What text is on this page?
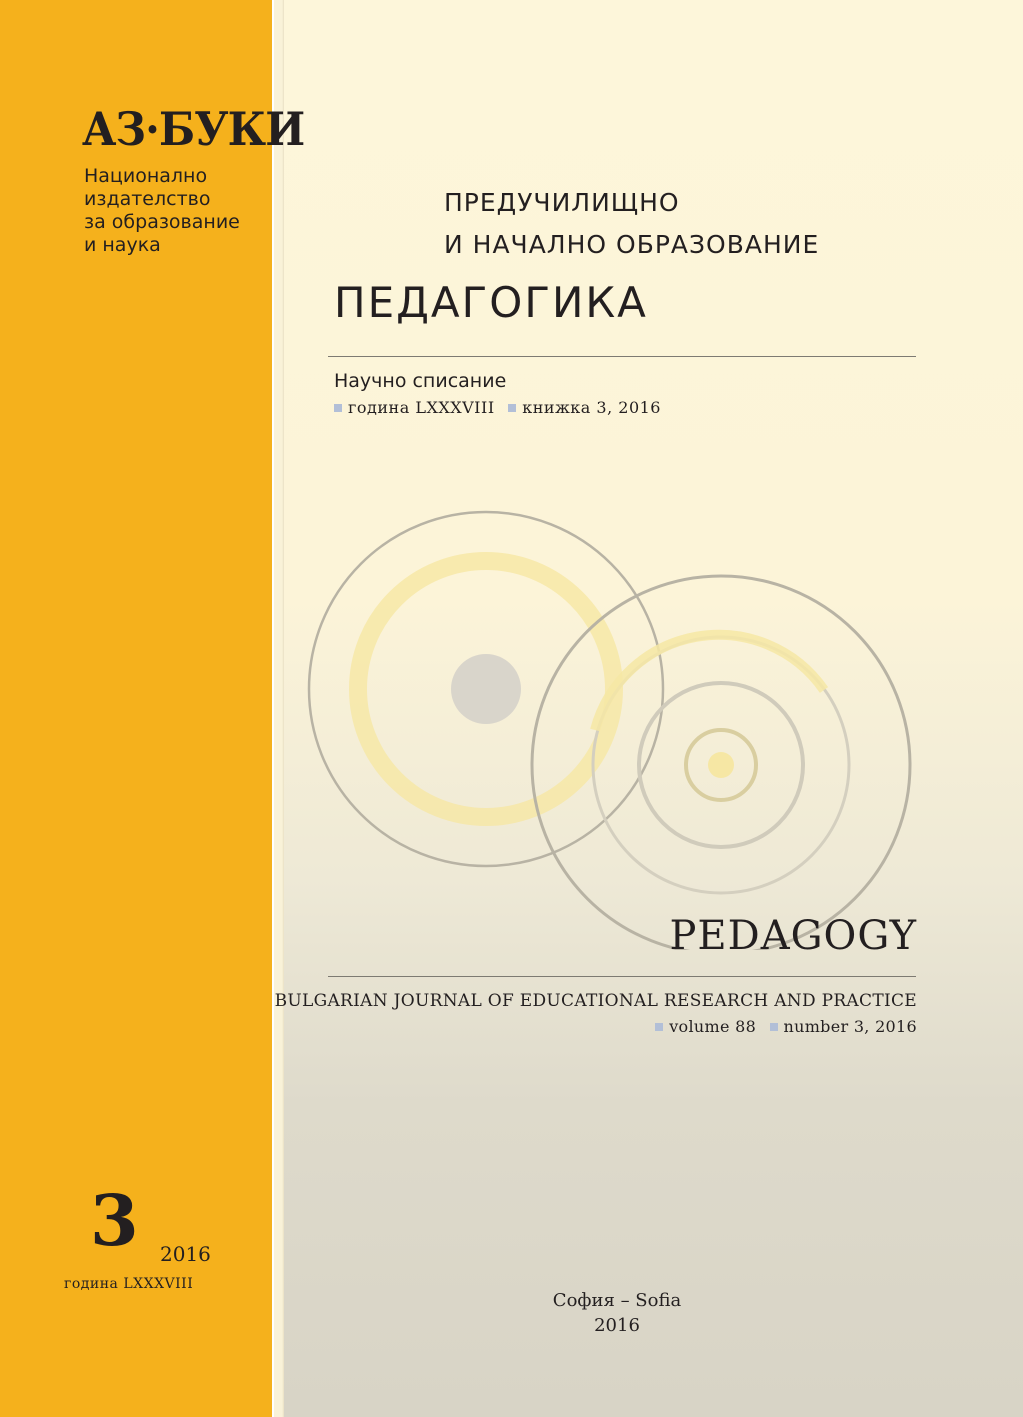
АЗ·БУКИ
Национално
издателство
за образование
и наука
ПРЕДУЧИЛИЩНО
И НАЧАЛНО ОБРАЗОВАНИЕ
ПЕДАГОГИКА
Научно списание
година LXXXVIII книжка 3, 2016
PEDAGOGY
BULGARIAN JOURNAL OF EDUCATIONAL RESEARCH AND PRACTICE
volume 88 number 3, 2016
3 2016
година LXXXVIII
София – Sofia
2016
